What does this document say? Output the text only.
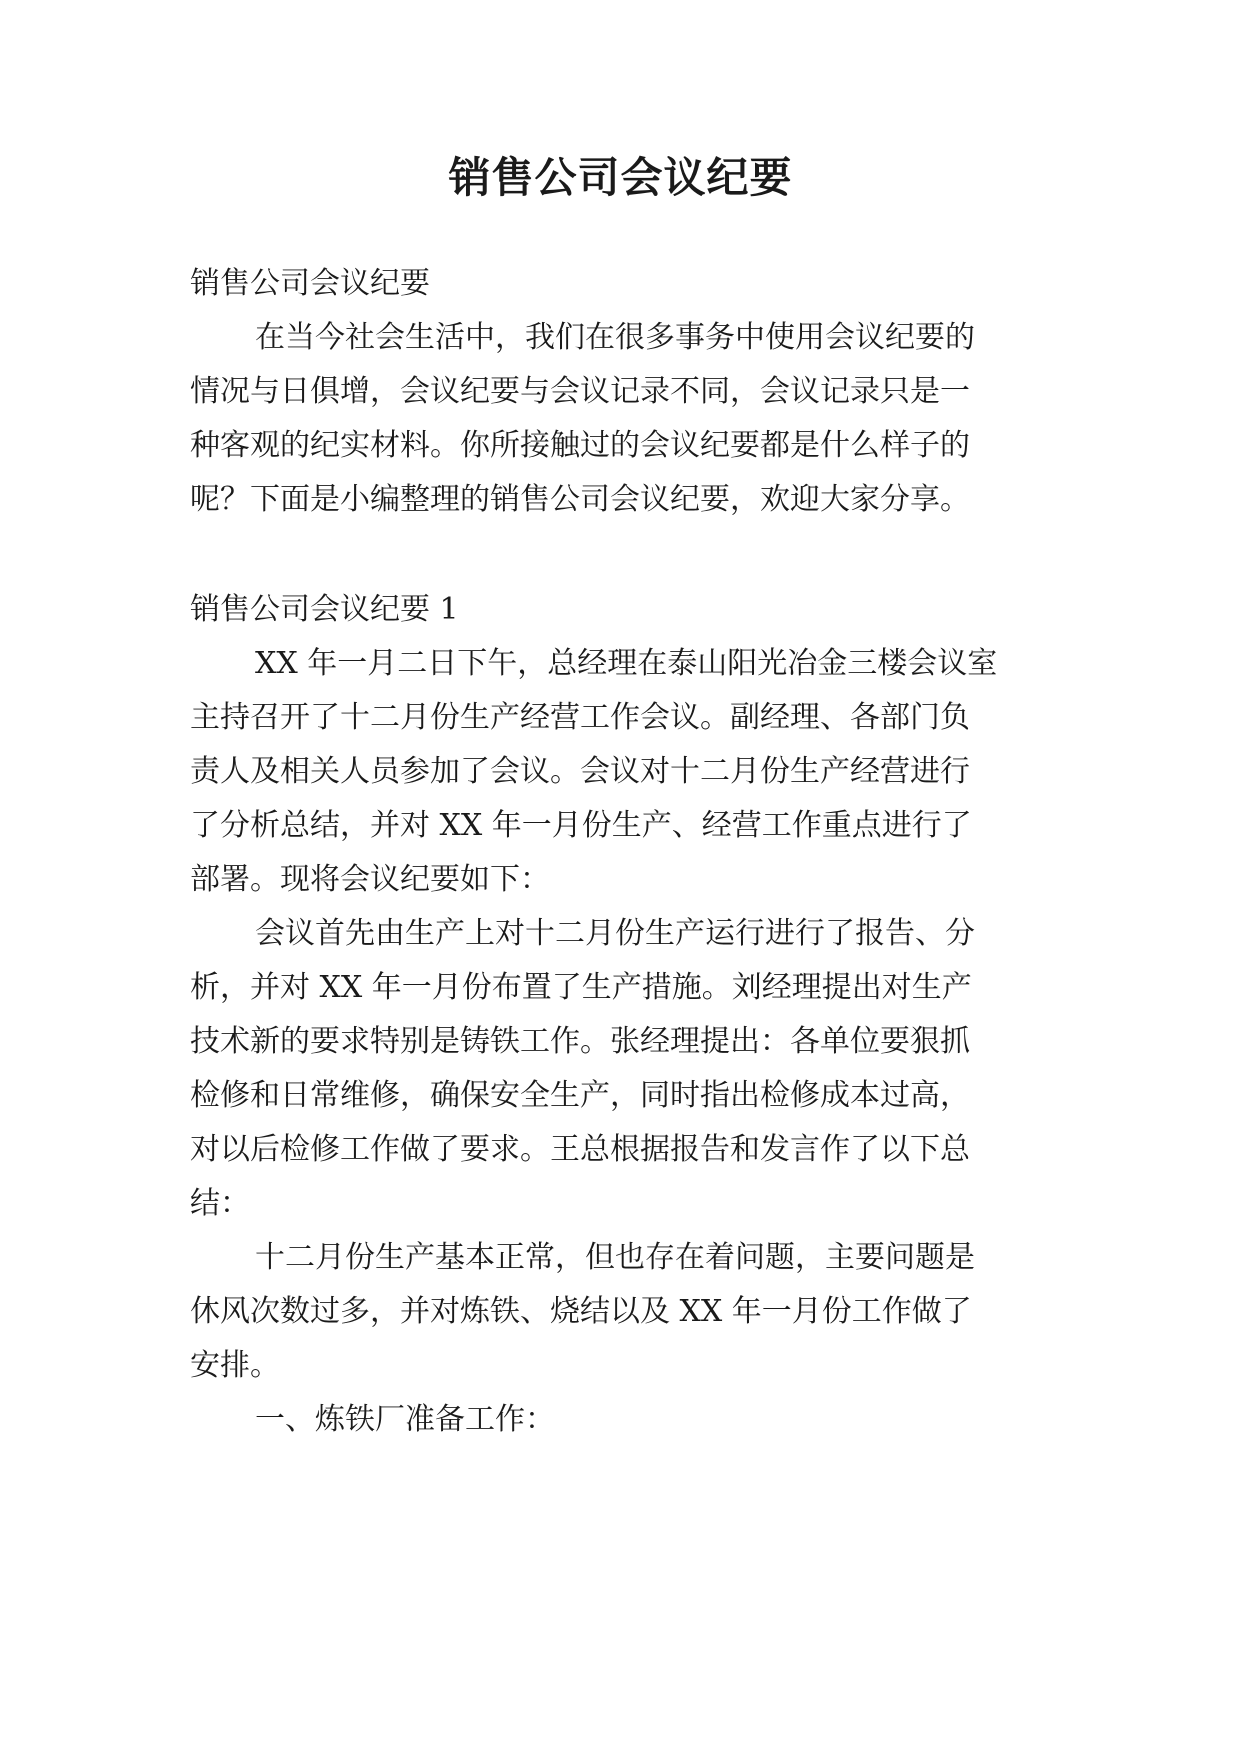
销售公司会议纪要

销售公司会议纪要

在当今社会生活中，我们在很多事务中使用会议纪要的

情况与日俱增，会议纪要与会议记录不同，会议记录只是一

种客观的纪实材料。你所接触过的会议纪要都是什么样子的

呢？下面是小编整理的销售公司会议纪要，欢迎大家分享。

销售公司会议纪要 1

XX 年一月二日下午，总经理在泰山阳光冶金三楼会议室

主持召开了十二月份生产经营工作会议。副经理、各部门负

责人及相关人员参加了会议。会议对十二月份生产经营进行

了分析总结，并对 XX 年一月份生产、经营工作重点进行了

部署。现将会议纪要如下：

会议首先由生产上对十二月份生产运行进行了报告、分

析，并对 XX 年一月份布置了生产措施。刘经理提出对生产

技术新的要求特别是铸铁工作。张经理提出：各单位要狠抓

检修和日常维修，确保安全生产，同时指出检修成本过高，

对以后检修工作做了要求。王总根据报告和发言作了以下总

结：

十二月份生产基本正常，但也存在着问题，主要问题是

休风次数过多，并对炼铁、烧结以及 XX 年一月份工作做了

安排。

一、炼铁厂准备工作：
